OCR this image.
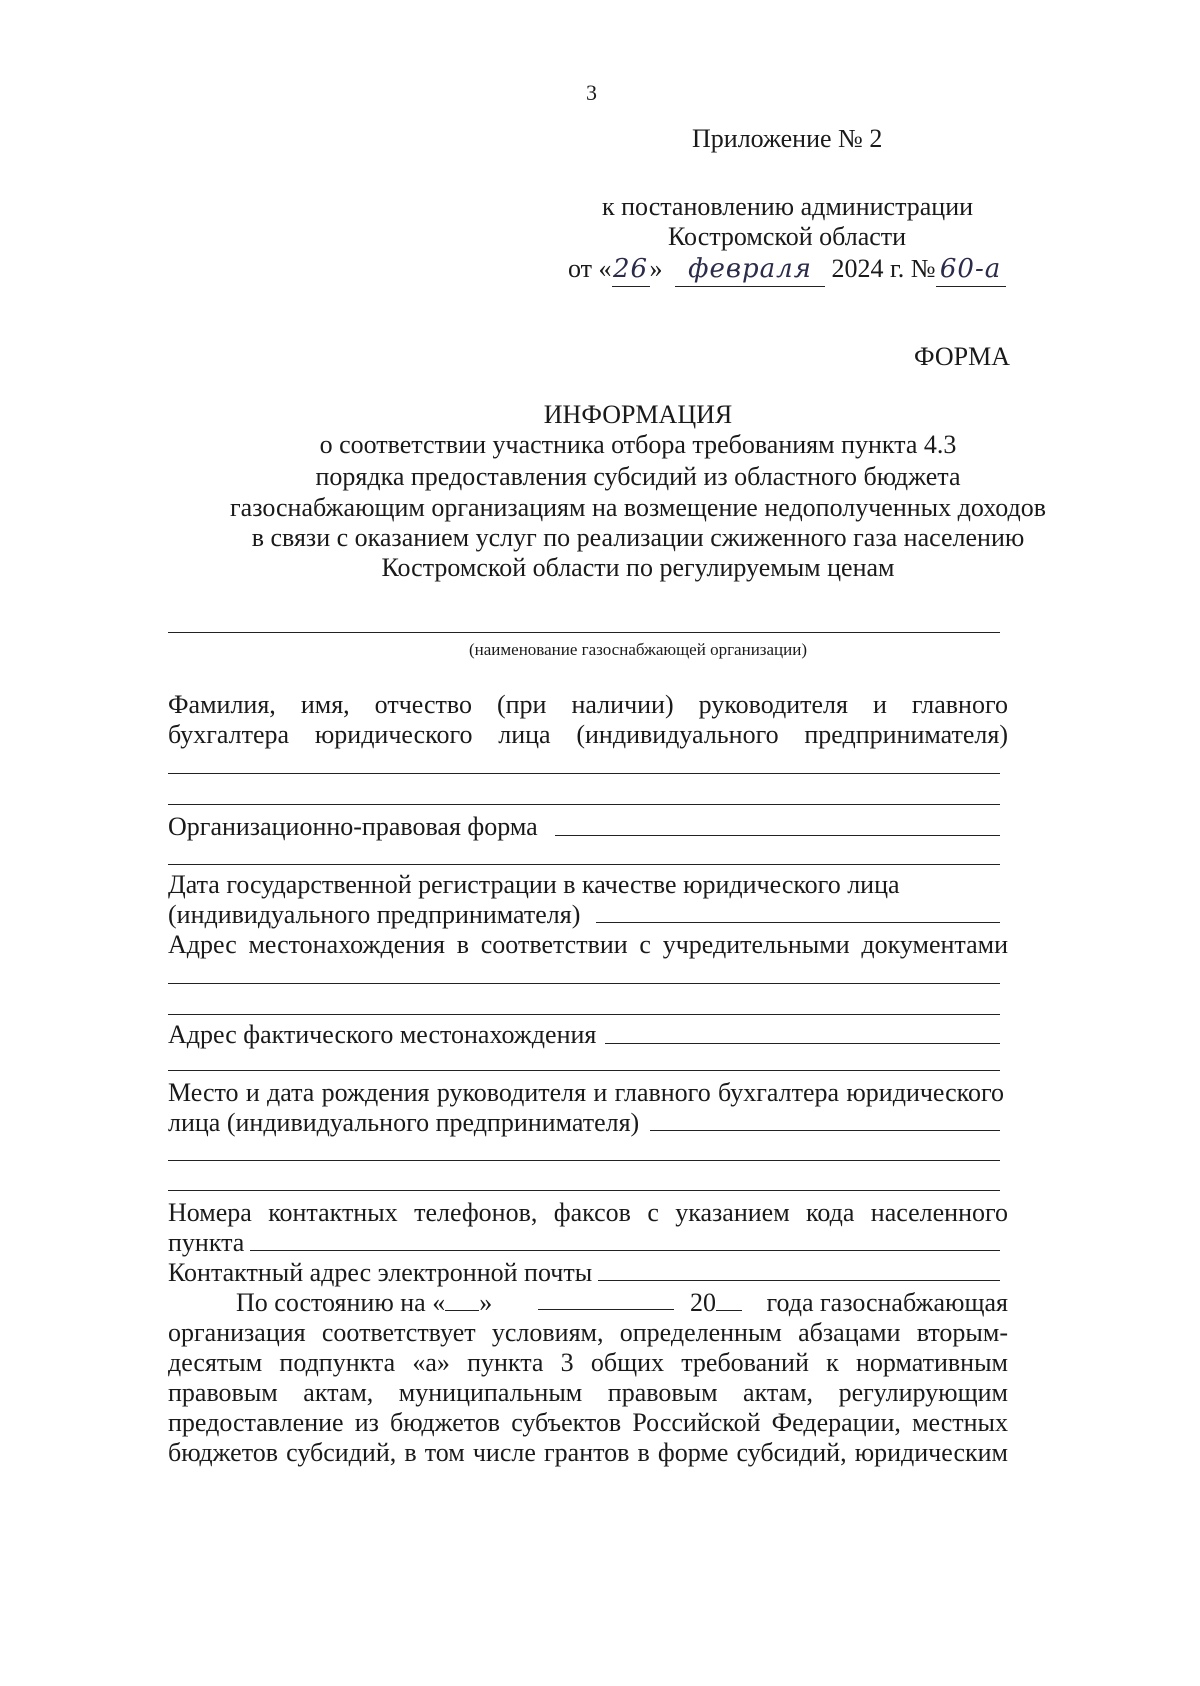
3
Приложение № 2
к постановлению администрации
Костромской области
от «26» февраля 2024 г. № 60-а
ФОРМА
ИНФОРМАЦИЯ
о соответствии участника отбора требованиям пункта 4.3
порядка предоставления субсидий из областного бюджета
газоснабжающим организациям на возмещение недополученных доходов
в связи с оказанием услуг по реализации сжиженного газа населению
Костромской области по регулируемым ценам
(наименование газоснабжающей организации)
Фамилия, имя, отчество (при наличии) руководителя и главного
бухгалтера юридического лица (индивидуального предпринимателя)
Организационно-правовая форма
Дата государственной регистрации в качестве юридического лица
(индивидуального предпринимателя)
Адрес местонахождения в соответствии с учредительными документами
Адрес фактического местонахождения
Место и дата рождения руководителя и главного бухгалтера юридического
лица (индивидуального предпринимателя)
Номера контактных телефонов, факсов с указанием кода населенного
пункта
Контактный адрес электронной почты
По состоянию на « »	20	года газоснабжающая
организация соответствует условиям, определенным абзацами вторым-
десятым подпункта «а» пункта 3 общих требований к нормативным
правовым актам, муниципальным правовым актам, регулирующим
предоставление из бюджетов субъектов Российской Федерации, местных
бюджетов субсидий, в том числе грантов в форме субсидий, юридическим
